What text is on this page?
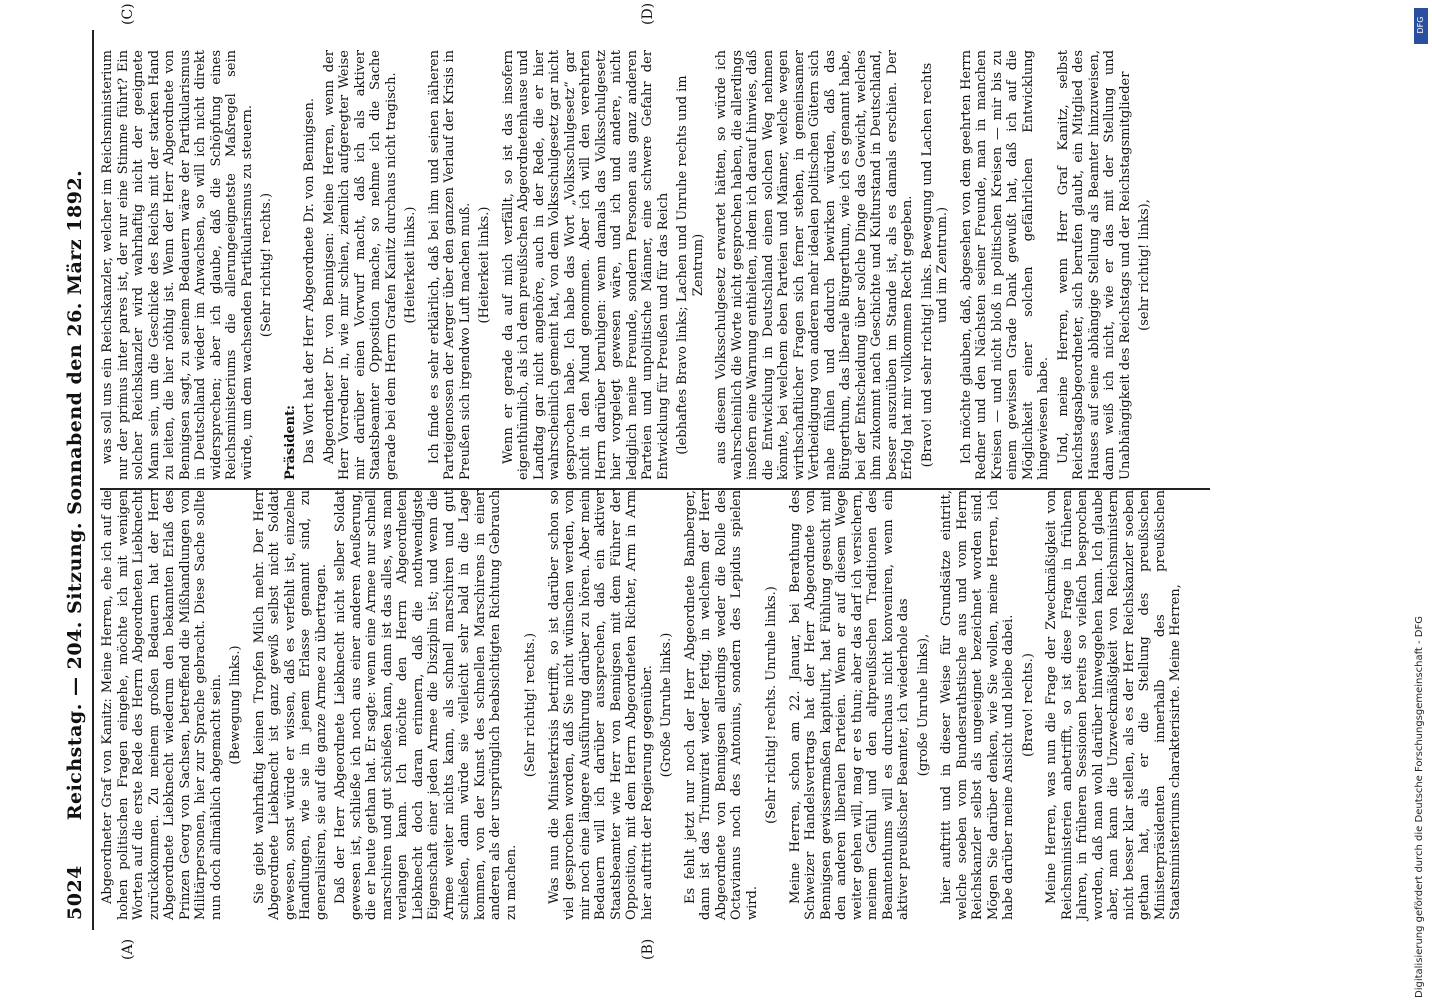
5024
Reichstag. — 204. Sitzung. Sonnabend den 26. März 1892.
(A)	(B)
(C)	(D)

Abgeordneter Graf von Kanitz: Meine Herren, ehe ich auf die hohen politischen Fragen eingehe, möchte ich mit wenigen Worten auf die erste Rede des Herrn Abgeordneten Liebknecht zurückkommen. Zu meinem großen Bedauern hat der Herr Abgeordnete Liebknecht wiederum den bekannten Erlaß des Prinzen Georg von Sachsen, betreffend die Mißhandlungen von Militärpersonen, hier zur Sprache gebracht. Diese Sache sollte nun doch allmählich abgemacht sein. (Bewegung links.) Sie giebt wahrhaftig keinen Tropfen Milch mehr. Der Herr Abgeordnete Liebknecht ist ganz gewiß selbst nicht Soldat gewesen, sonst würde er wissen, daß es verfehlt ist, einzelne Handlungen, wie sie in jenem Erlasse genannt sind, zu generalisiren, sie auf die ganze Armee zu übertragen. Daß der Herr Abgeordnete Liebknecht nicht selber Soldat gewesen ist, schließe ich noch aus einer anderen Aeußerung, die er heute gethan hat. Er sagte: wenn eine Armee nur schnell marschiren und gut schießen kann, dann ist das alles, was man verlangen kann. Ich möchte den Herrn Abgeordneten Liebknecht doch daran erinnern, daß die nothwendigste Eigenschaft einer jeden Armee die Disziplin ist; und wenn die Armee weiter nichts kann, als schnell marschiren und gut schießen, dann würde sie vielleicht sehr bald in die Lage kommen, von der Kunst des schnellen Marschirens in einer anderen als der ursprünglich beabsichtigten Richtung Gebrauch zu machen.

(Sehr richtig! rechts.) Was nun die Ministerkrisis betrifft, so ist darüber schon so viel gesprochen worden, daß Sie nicht wünschen werden, von mir noch eine längere Ausführung darüber zu hören. Aber mein Bedauern will ich darüber aussprechen, daß ein aktiver Staatsbeamter wie Herr von Bennigsen mit dem Führer der Opposition, mit dem Herrn Abgeordneten Richter, Arm in Arm hier auftritt der Regierung gegenüber. (Große Unruhe links.) Es fehlt jetzt nur noch der Herr Abgeordnete Bamberger, dann ist das Triumvirat wieder fertig, in welchem der Herr Abgeordnete von Bennigsen allerdings weder die Rolle des Octavianus noch des Antonius, sondern des Lepidus spielen wird.

(Sehr richtig! rechts. Unruhe links.) Meine Herren, schon am 22. Januar, bei Berathung des Schweizer Handelsvertrags hat der Herr Abgeordnete von Bennigsen gewissermaßen kapitulirt, hat Fühlung gesucht mit den anderen liberalen Parteien. Wenn er auf diesem Wege weiter gehen will, mag er es thun; aber das darf ich versichern, meinem Gefühl und den altpreußischen Traditionen des Beamtenthums will es durchaus nicht konveniren, wenn ein aktiver preußischer Beamter, ich wiederhole das (große Unruhe links), hier auftritt und in dieser Weise für Grundsätze eintritt, welche soeben vom Bundesrathstische aus und vom Herrn Reichskanzler selbst als ungeeignet bezeichnet worden sind. Mögen Sie darüber denken, wie Sie wollen, meine Herren, ich habe darüber meine Ansicht und bleibe dabei. (Bravo! rechts.) Meine Herren, was nun die Frage der Zweckmäßigkeit von Reichsministerien anbetrifft, so ist diese Frage in früheren Jahren, in früheren Sessionen bereits so vielfach besprochen worden, daß man wohl darüber hinweggehen kann. Ich glaube aber, man kann die Unzweckmäßigkeit von Reichsministern nicht besser klar stellen, als es der Herr Reichskanzler soeben gethan hat, als er die Stellung des preußischen Ministerpräsidenten innerhalb des preußischen Staatsministeriums charakterisirte. Meine Herren,

was soll uns ein Reichskanzler, welcher im Reichsministerium nur der primus inter pares ist, der nur eine Stimme führt? Ein solcher Reichskanzler wird wahrhaftig nicht der geeignete Mann sein, um die Geschicke des Reichs mit der starken Hand zu leiten, die hier nöthig ist. Wenn der Herr Abgeordnete von Bennigsen sagt, zu seinem Bedauern wäre der Partikularismus in Deutschland wieder im Anwachsen, so will ich nicht direkt widersprechen; aber ich glaube, daß die Schöpfung eines Reichsministeriums die allerungeeignetste Maßregel sein würde, um dem wachsenden Partikularismus zu steuern. (Sehr richtig! rechts.)

Präsident: Das Wort hat der Herr Abgeordnete Dr. von Bennigsen. Abgeordneter Dr. von Bennigsen: Meine Herren, wenn der Herr Vorredner in, wie mir schien, ziemlich aufgeregter Weise mir darüber einen Vorwurf macht, daß ich als aktiver Staatsbeamter Opposition mache, so nehme ich die Sache gerade bei dem Herrn Grafen Kanitz durchaus nicht tragisch. (Heiterkeit links.) Ich finde es sehr erklärlich, daß bei ihm und seinen näheren Parteigenossen der Aerger über den ganzen Verlauf der Krisis in Preußen sich irgendwo Luft machen muß. (Heiterkeit links.) Wenn er gerade da auf mich verfällt, so ist das insofern eigenthümlich, als ich dem preußischen Abgeordnetenhause und Landtag gar nicht angehöre, auch in der Rede, die er hier wahrscheinlich gemeint hat, von dem Volksschulgesetz gar nicht gesprochen habe. Ich habe das Wort „Volksschulgesetz“ gar nicht in den Mund genommen. Aber ich will den verehrten Herrn darüber beruhigen: wenn damals das Volksschulgesetz hier vorgelegt gewesen wäre, und ich und andere, nicht lediglich meine Freunde, sondern Personen aus ganz anderen Parteien und unpolitische Männer, eine schwere Gefahr der Entwicklung für Preußen und für das Reich (lebhaftes Bravo links; Lachen und Unruhe rechts und im Zentrum) aus diesem Volksschulgesetz erwartet hätten, so würde ich wahrscheinlich die Worte nicht gesprochen haben, die allerdings insofern eine Warnung enthielten, indem ich darauf hinwies, daß die Entwicklung in Deutschland einen solchen Weg nehmen könnte, bei welchem eben Parteien und Männer, welche wegen wirthschaftlicher Fragen sich ferner stehen, in gemeinsamer Vertheidigung von anderen mehr idealen politischen Gütern sich nahe fühlen und dadurch bewirken würden, daß das Bürgerthum, das liberale Bürgerthum, wie ich es genannt habe, bei der Entscheidung über solche Dinge das Gewicht, welches ihm zukommt nach Geschichte und Kulturstand in Deutschland, besser auszuüben im Stande ist, als es damals erschien. Der Erfolg hat mir vollkommen Recht gegeben. (Bravo! und sehr richtig! links. Bewegung und Lachen rechts und im Zentrum.) Ich möchte glauben, daß, abgesehen von dem geehrten Herrn Redner und den Nächsten seiner Freunde, man in manchen Kreisen — und nicht bloß in politischen Kreisen — mir bis zu einem gewissen Grade Dank gewußt hat, daß ich auf die Möglichkeit einer solchen gefährlichen Entwicklung hingewiesen habe. Und, meine Herren, wenn Herr Graf Kanitz, selbst Reichstagsabgeordneter, sich berufen glaubt, ein Mitglied des Hauses auf seine abhängige Stellung als Beamter hinzuweisen, dann weiß ich nicht, wie er das mit der Stellung und Unabhängigkeit des Reichstags und der Reichstagsmitglieder (sehr richtig! links),

DFG
Digitalisierung gefördert durch die Deutsche Forschungsgemeinschaft - DFG
